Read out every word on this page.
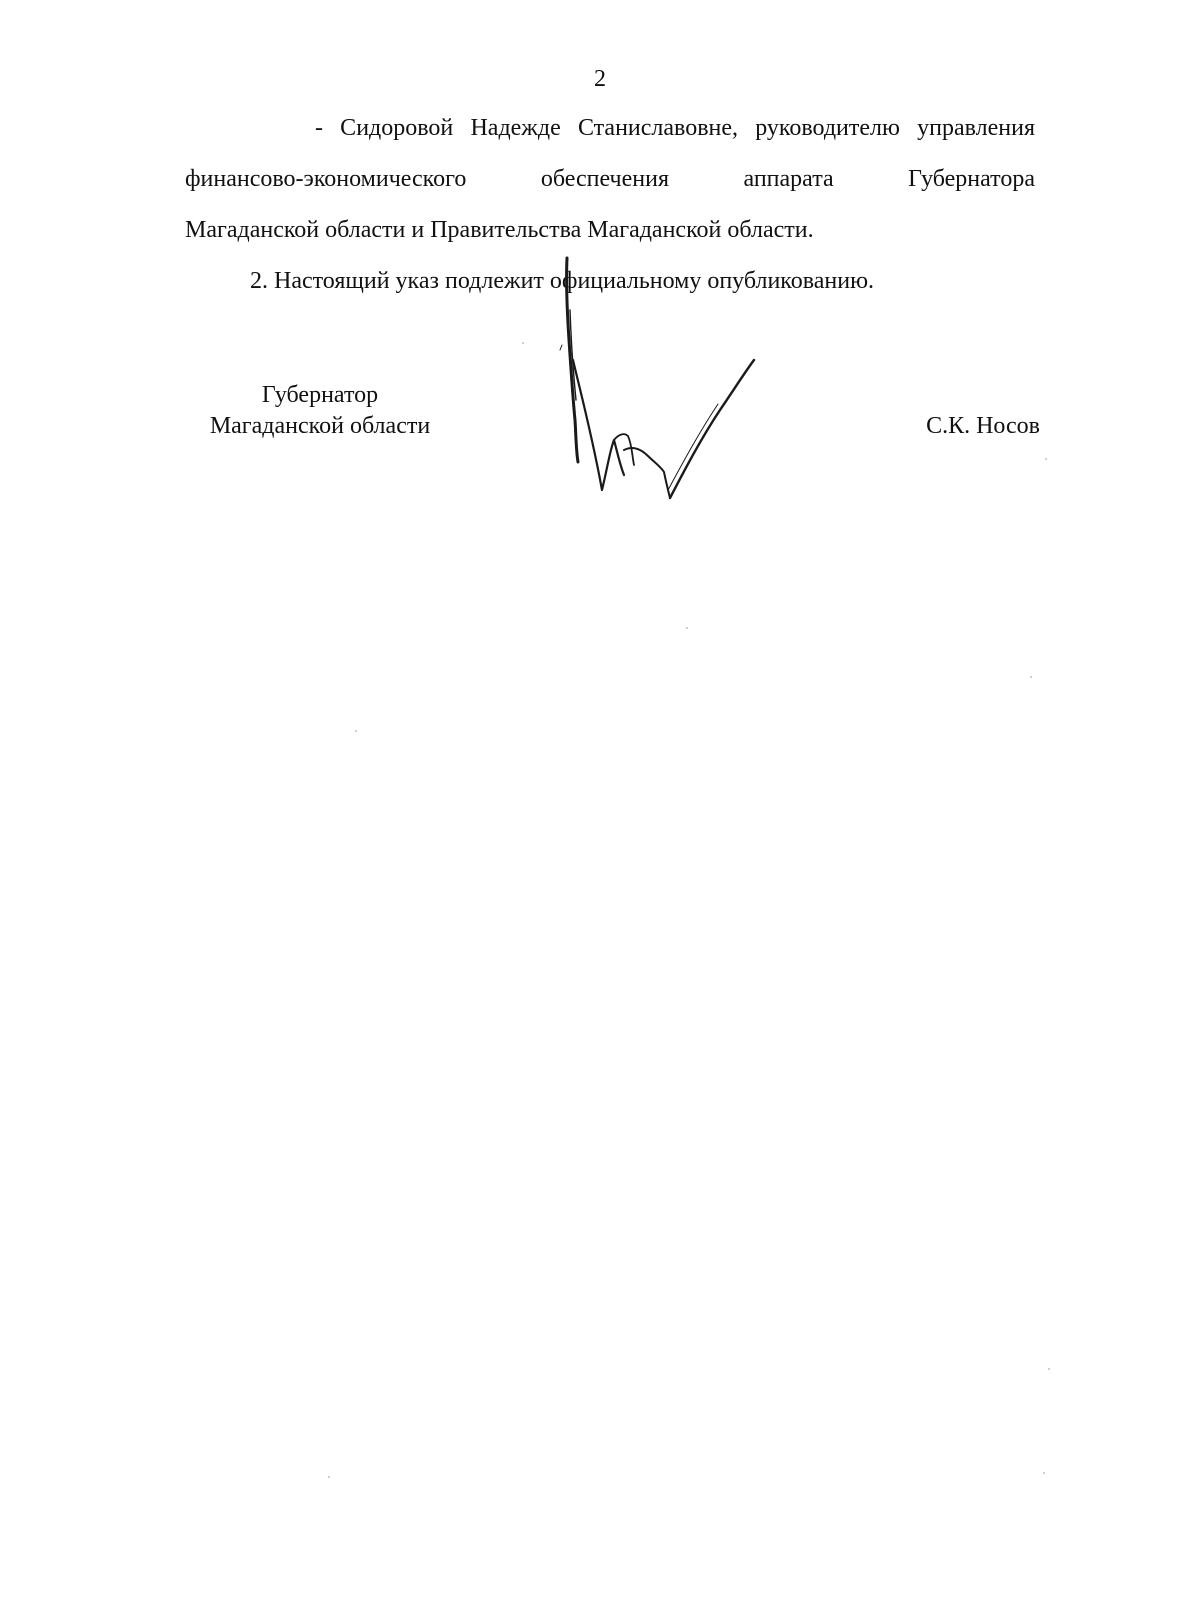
2

- Сидоровой Надежде Станиславовне, руководителю управления
финансово-экономического обеспечения аппарата Губернатора
Магаданской области и Правительства Магаданской области.

2. Настоящий указ подлежит официальному опубликованию.

Губернатор
Магаданской области	С.К. Носов
